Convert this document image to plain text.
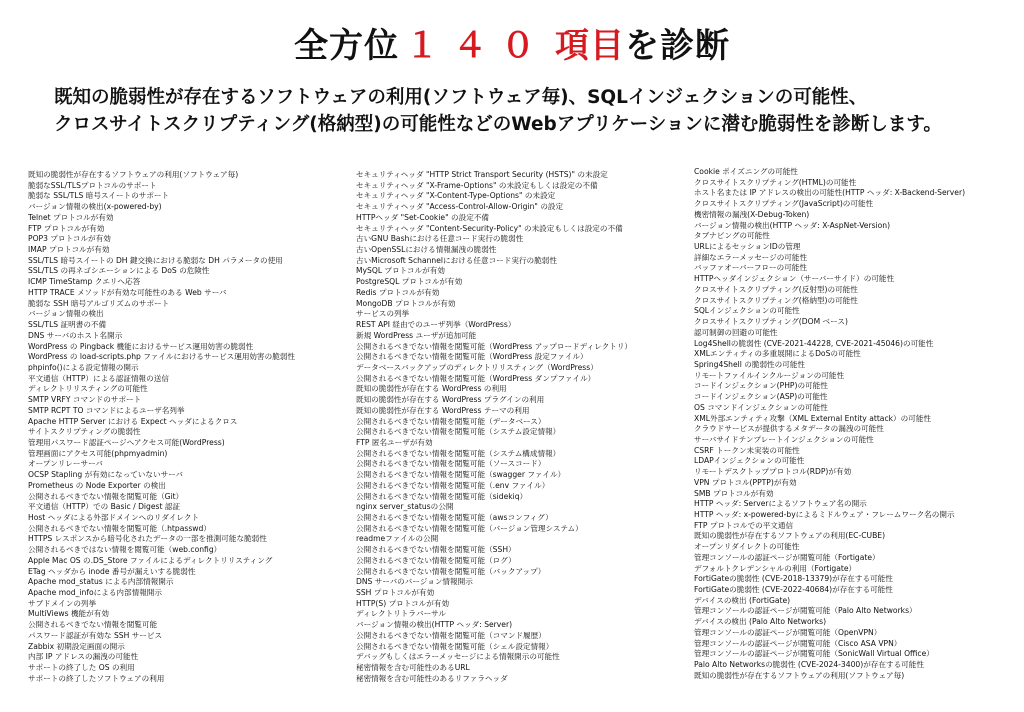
全方位 １４０ 項目を診断
既知の脆弱性が存在するソフトウェアの利用(ソフトウェア毎)、SQLインジェクションの可能性、
クロスサイトスクリプティング(格納型)の可能性などのWebアプリケーションに潜む脆弱性を診断します。
既知の脆弱性が存在するソフトウェアの利用(ソフトウェア毎)
脆弱なSSL/TLSプロトコルのサポート
脆弱な SSL/TLS 暗号スイートのサポート
バージョン情報の検出(x-powered-by)
Telnet プロトコルが有効
FTP プロトコルが有効
POP3 プロトコルが有効
IMAP プロトコルが有効
SSL/TLS 暗号スイートの DH 鍵交換における脆弱な DH パラメータの使用
SSL/TLS の再ネゴシエーションによる DoS の危険性
ICMP TimeStamp クエリへ応答
HTTP TRACE メソッドが有効な可能性のある Web サーバ
脆弱な SSH 暗号アルゴリズムのサポート
バージョン情報の検出
SSL/TLS 証明書の不備
DNS サーバのホスト名開示
WordPress の Pingback 機能におけるサービス運用妨害の脆弱性
WordPress の load-scripts.php ファイルにおけるサービス運用妨害の脆弱性
phpinfo()による設定情報の開示
平文通信（HTTP）による認証情報の送信
ディレクトリリスティングの可能性
SMTP VRFY コマンドのサポート
SMTP RCPT TO コマンドによるユーザ名列挙
Apache HTTP Server における Expect ヘッダによるクロス
サイトスクリプティングの脆弱性
管理用パスワード認証ページへアクセス可能(WordPress)
管理画面にアクセス可能(phpmyadmin)
オープンリレーサーバ
OCSP Stapling が有効になっていないサーバ
Prometheus の Node Exporter の検出
公開されるべきでない情報を閲覧可能（Git）
平文通信（HTTP）での Basic / Digest 認証
Host ヘッダによる外部ドメインへのリダイレクト
公開されるべきでない情報を閲覧可能（.htpasswd）
HTTPS レスポンスから暗号化されたデータの一部を推測可能な脆弱性
公開されるべきではない情報を閲覧可能（web.config）
Apple Mac OS の.DS_Store ファイルによるディレクトリリスティング
ETag ヘッダから inode 番号が漏えいする脆弱性
Apache mod_status による内部情報開示
Apache mod_infoによる内部情報開示
サブドメインの列挙
MultiViews 機能が有効
公開されるべきでない情報を閲覧可能
パスワード認証が有効な SSH サービス
Zabbix 初期設定画面の開示
内部 IP アドレスの漏洩の可能性
サポートの終了した OS の利用
サポートの終了したソフトウェアの利用
セキュリティヘッダ "HTTP Strict Transport Security (HSTS)" の未設定
セキュリティヘッダ "X-Frame-Options" の未設定もしくは設定の不備
セキュリティヘッダ "X-Content-Type-Options" の未設定
セキュリティヘッダ "Access-Control-Allow-Origin" の設定
HTTPヘッダ "Set-Cookie" の設定不備
セキュリティヘッダ "Content-Security-Policy" の未設定もしくは設定の不備
古いGNU Bashにおける任意コード実行の脆弱性
古いOpenSSLにおける情報漏洩の脆弱性
古いMicrosoft Schannelにおける任意コード実行の脆弱性
MySQL プロトコルが有効
PostgreSQL プロトコルが有効
Redis プロトコルが有効
MongoDB プロトコルが有効
サービスの列挙
REST API 経由でのユーザ列挙（WordPress）
新規 WordPress ユーザが追加可能
公開されるべきでない情報を閲覧可能（WordPress アップロードディレクトリ）
公開されるべきでない情報を閲覧可能（WordPress 設定ファイル）
データベースバックアップのディレクトリリスティング（WordPress）
公開されるべきでない情報を閲覧可能（WordPress ダンプファイル）
既知の脆弱性が存在する WordPress の利用
既知の脆弱性が存在する WordPress プラグインの利用
既知の脆弱性が存在する WordPress テーマの利用
公開されるべきでない情報を閲覧可能（データベース）
公開されるべきでない情報を閲覧可能（システム設定情報）
FTP 匿名ユーザが有効
公開されるべきでない情報を閲覧可能（システム構成情報）
公開されるべきでない情報を閲覧可能（ソースコード）
公開されるべきでない情報を閲覧可能（swagger ファイル）
公開されるべきでない情報を閲覧可能（.env ファイル）
公開されるべきでない情報を閲覧可能（sidekiq）
nginx server_statusの公開
公開されるべきでない情報を閲覧可能（awsコンフィグ）
公開されるべきでない情報を閲覧可能（バージョン管理システム）
readmeファイルの公開
公開されるべきでない情報を閲覧可能（SSH）
公開されるべきでない情報を閲覧可能（ログ）
公開されるべきでない情報を閲覧可能（バックアップ）
DNS サーバのバージョン情報開示
SSH プロトコルが有効
HTTP(S) プロトコルが有効
ディレクトリトラバーサル
バージョン情報の検出(HTTP ヘッダ: Server)
公開されるべきでない情報を閲覧可能（コマンド履歴）
公開されるべきでない情報を閲覧可能（シェル設定情報）
デバッグもしくはエラーメッセージによる情報開示の可能性
秘密情報を含む可能性のあるURL
秘密情報を含む可能性のあるリファラヘッダ
Cookie ポイズニングの可能性
クロスサイトスクリプティング(HTML)の可能性
ホスト名または IP アドレスの検出の可能性(HTTP ヘッダ: X-Backend-Server)
クロスサイトスクリプティング(JavaScript)の可能性
機密情報の漏洩(X-Debug-Token)
バージョン情報の検出(HTTP ヘッダ: X-AspNet-Version)
タブナビングの可能性
URLによるセッションIDの管理
詳細なエラーメッセージの可能性
バッファオーバーフローの可能性
HTTPヘッダインジェクション（サーバーサイド）の可能性
クロスサイトスクリプティング(反射型)の可能性
クロスサイトスクリプティング(格納型)の可能性
SQLインジェクションの可能性
クロスサイトスクリプティング(DOM ベース)
認可制御の回避の可能性
Log4Shellの脆弱性 (CVE-2021-44228, CVE-2021-45046)の可能性
XMLエンティティの多重展開によるDoSの可能性
Spring4Shell の脆弱性の可能性
リモートファイルインクルージョンの可能性
コードインジェクション(PHP)の可能性
コードインジェクション(ASP)の可能性
OS コマンドインジェクションの可能性
XML外部エンティティ攻撃（XML External Entity attack）の可能性
クラウドサービスが提供するメタデータの漏洩の可能性
サーバサイドテンプレートインジェクションの可能性
CSRF トークン未実装の可能性
LDAPインジェクションの可能性
リモートデスクトッププロトコル(RDP)が有効
VPN プロトコル(PPTP)が有効
SMB プロトコルが有効
HTTP ヘッダ: Serverによるソフトウェア名の開示
HTTP ヘッダ: x-powered-byによるミドルウェア・フレームワーク名の開示
FTP プロトコルでの平文通信
既知の脆弱性が存在するソフトウェアの利用(EC-CUBE)
オープンリダイレクトの可能性
管理コンソールの認証ページが閲覧可能（Fortigate）
デフォルトクレデンシャルの利用（Fortigate）
FortiGateの脆弱性 (CVE-2018-13379)が存在する可能性
FortiGateの脆弱性 (CVE-2022-40684)が存在する可能性
デバイスの検出 (FortiGate)
管理コンソールの認証ページが閲覧可能（Palo Alto Networks）
デバイスの検出 (Palo Alto Networks)
管理コンソールの認証ページが閲覧可能（OpenVPN）
管理コンソールの認証ページが閲覧可能（Cisco ASA VPN）
管理コンソールの認証ページが閲覧可能（SonicWall Virtual Office）
Palo Alto Networksの脆弱性 (CVE-2024-3400)が存在する可能性
既知の脆弱性が存在するソフトウェアの利用(ソフトウェア毎)
